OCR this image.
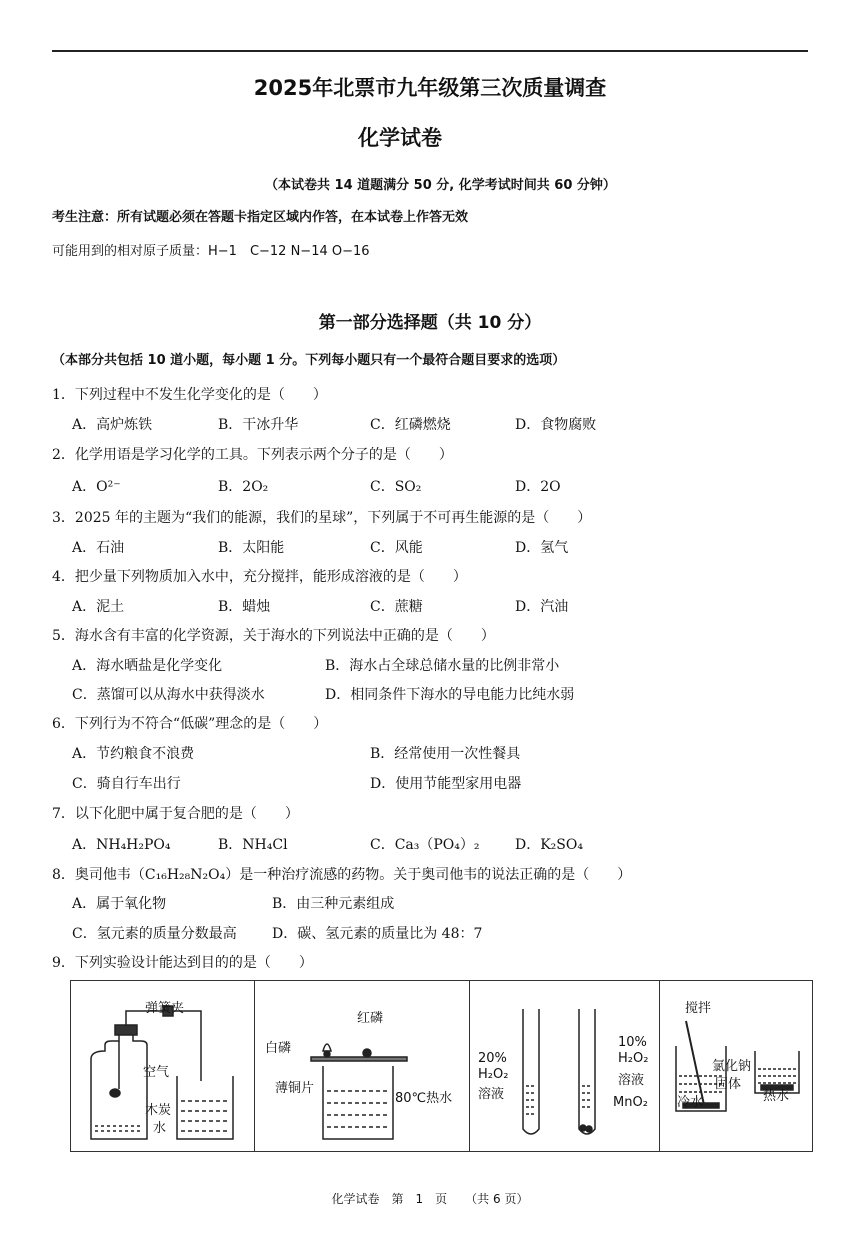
2025年北票市九年级第三次质量调查
化学试卷
（本试卷共 14 道题满分 50 分, 化学考试时间共 60 分钟）
考生注意：所有试题必须在答题卡指定区域内作答，在本试卷上作答无效
可能用到的相对原子质量：H−1　C−12 N−14 O−16
第一部分选择题（共 10 分）
（本部分共包括 10 道小题，每小题 1 分。下列每小题只有一个最符合题目要求的选项）
1．下列过程中不发生化学变化的是（　　）
A．高炉炼铁	B．干冰升华	C．红磷燃烧	D．食物腐败
2．化学用语是学习化学的工具。下列表示两个分子的是（　　）
A．O²⁻	B．2O₂	C．SO₂	D．2O
3．2025 年的主题为“我们的能源，我们的星球”，下列属于不可再生能源的是（　　）
A．石油	B．太阳能	C．风能	D．氢气
4．把少量下列物质加入水中，充分搅拌，能形成溶液的是（　　）
A．泥土	B．蜡烛	C．蔗糖	D．汽油
5．海水含有丰富的化学资源，关于海水的下列说法中正确的是（　　）
A．海水晒盐是化学变化	B．海水占全球总储水量的比例非常小
C．蒸馏可以从海水中获得淡水	D．相同条件下海水的导电能力比纯水弱
6．下列行为不符合“低碳”理念的是（　　）
A．节约粮食不浪费	B．经常使用一次性餐具
C．骑自行车出行	D．使用节能型家用电器
7．以下化肥中属于复合肥的是（　　）
A．NH₄H₂PO₄	B．NH₄Cl	C．Ca₃（PO₄）₂	D．K₂SO₄
8．奥司他韦（C₁₆H₂₈N₂O₄）是一种治疗流感的药物。关于奥司他韦的说法正确的是（　　）
A．属于氧化物	B．由三种元素组成
C．氢元素的质量分数最高	D．碳、氢元素的质量比为 48：7
9．下列实验设计能达到目的的是（　　）
弹簧夹
空气
木炭
水
白磷
红磷
薄铜片
80℃热水
20%
H₂O₂
溶液
10%
H₂O₂
溶液
MnO₂
搅拌
氯化钠
固体
冷水	热水
化学试卷　第　1　页　　（共 6 页）
